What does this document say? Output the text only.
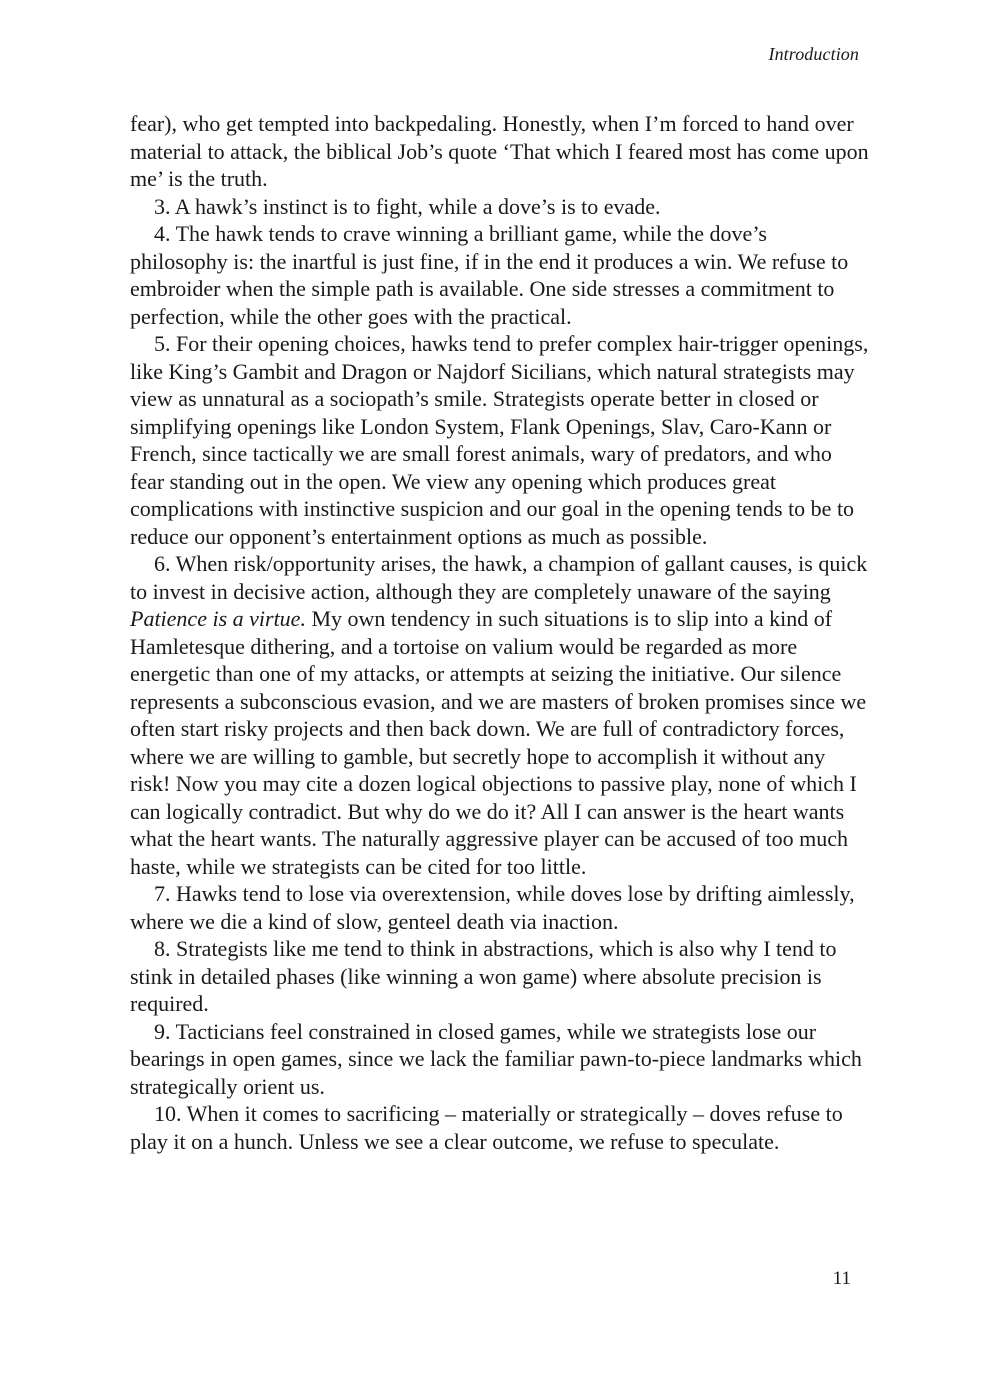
Introduction

fear), who get tempted into backpedaling. Honestly, when I’m forced to hand over material to attack, the biblical Job’s quote ‘That which I feared most has come upon me’ is the truth.

3. A hawk’s instinct is to fight, while a dove’s is to evade.

4. The hawk tends to crave winning a brilliant game, while the dove’s philosophy is: the inartful is just fine, if in the end it produces a win. We refuse to embroider when the simple path is available. One side stresses a commitment to perfection, while the other goes with the practical.

5. For their opening choices, hawks tend to prefer complex hair-trigger openings, like King’s Gambit and Dragon or Najdorf Sicilians, which natural strategists may view as unnatural as a sociopath’s smile. Strategists operate better in closed or simplifying openings like London System, Flank Openings, Slav, Caro-Kann or French, since tactically we are small forest animals, wary of predators, and who fear standing out in the open. We view any opening which produces great complications with instinctive suspicion and our goal in the opening tends to be to reduce our opponent’s entertainment options as much as possible.

6. When risk/opportunity arises, the hawk, a champion of gallant causes, is quick to invest in decisive action, although they are completely unaware of the saying Patience is a virtue. My own tendency in such situations is to slip into a kind of Hamletesque dithering, and a tortoise on valium would be regarded as more energetic than one of my attacks, or attempts at seizing the initiative. Our silence represents a subconscious evasion, and we are masters of broken promises since we often start risky projects and then back down. We are full of contradictory forces, where we are willing to gamble, but secretly hope to accomplish it without any risk! Now you may cite a dozen logical objections to passive play, none of which I can logically contradict. But why do we do it? All I can answer is the heart wants what the heart wants. The naturally aggressive player can be accused of too much haste, while we strategists can be cited for too little.

7. Hawks tend to lose via overextension, while doves lose by drifting aimlessly, where we die a kind of slow, genteel death via inaction.

8. Strategists like me tend to think in abstractions, which is also why I tend to stink in detailed phases (like winning a won game) where absolute precision is required.

9. Tacticians feel constrained in closed games, while we strategists lose our bearings in open games, since we lack the familiar pawn-to-piece landmarks which strategically orient us.

10. When it comes to sacrificing – materially or strategically – doves refuse to play it on a hunch. Unless we see a clear outcome, we refuse to speculate.

11
